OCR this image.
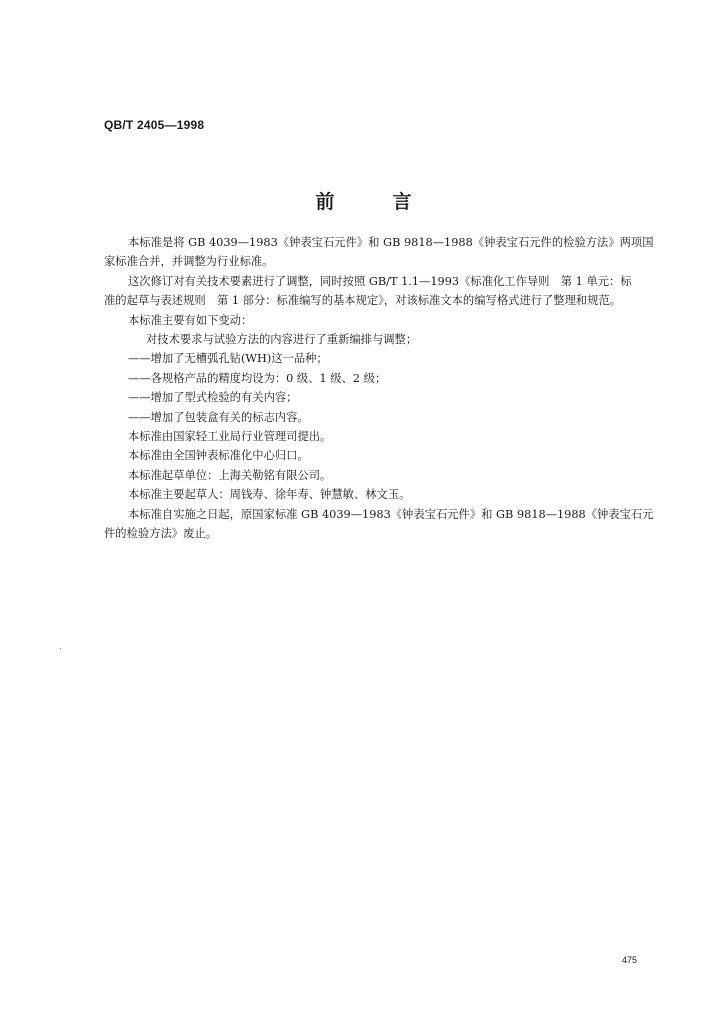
QB/T 2405—1998
前	言

本标准是将 GB 4039—1983《钟表宝石元件》和 GB 9818—1988《钟表宝石元件的检验方法》两项国

家标准合并，并调整为行业标准。

这次修订对有关技术要素进行了调整，同时按照 GB/T 1.1—1993《标准化工作导则　第 1 单元：标

准的起草与表述规则　第 1 部分：标准编写的基本规定》，对该标准文本的编写格式进行了整理和规范。

本标准主要有如下变动：

对技术要求与试验方法的内容进行了重新编排与调整；

——增加了无槽弧孔钻(WH)这一品种；

——各规格产品的精度均设为：0 级、1 级、2 级；

——增加了型式检验的有关内容；

——增加了包装盒有关的标志内容。

本标准由国家轻工业局行业管理司提出。

本标准由全国钟表标准化中心归口。

本标准起草单位：上海关勒铭有限公司。

本标准主要起草人：周钱寿、徐年寿、钟慧敏、林文玉。

本标准自实施之日起，原国家标准 GB 4039—1983《钟表宝石元件》和 GB 9818—1988《钟表宝石元

件的检验方法》废止。

475
